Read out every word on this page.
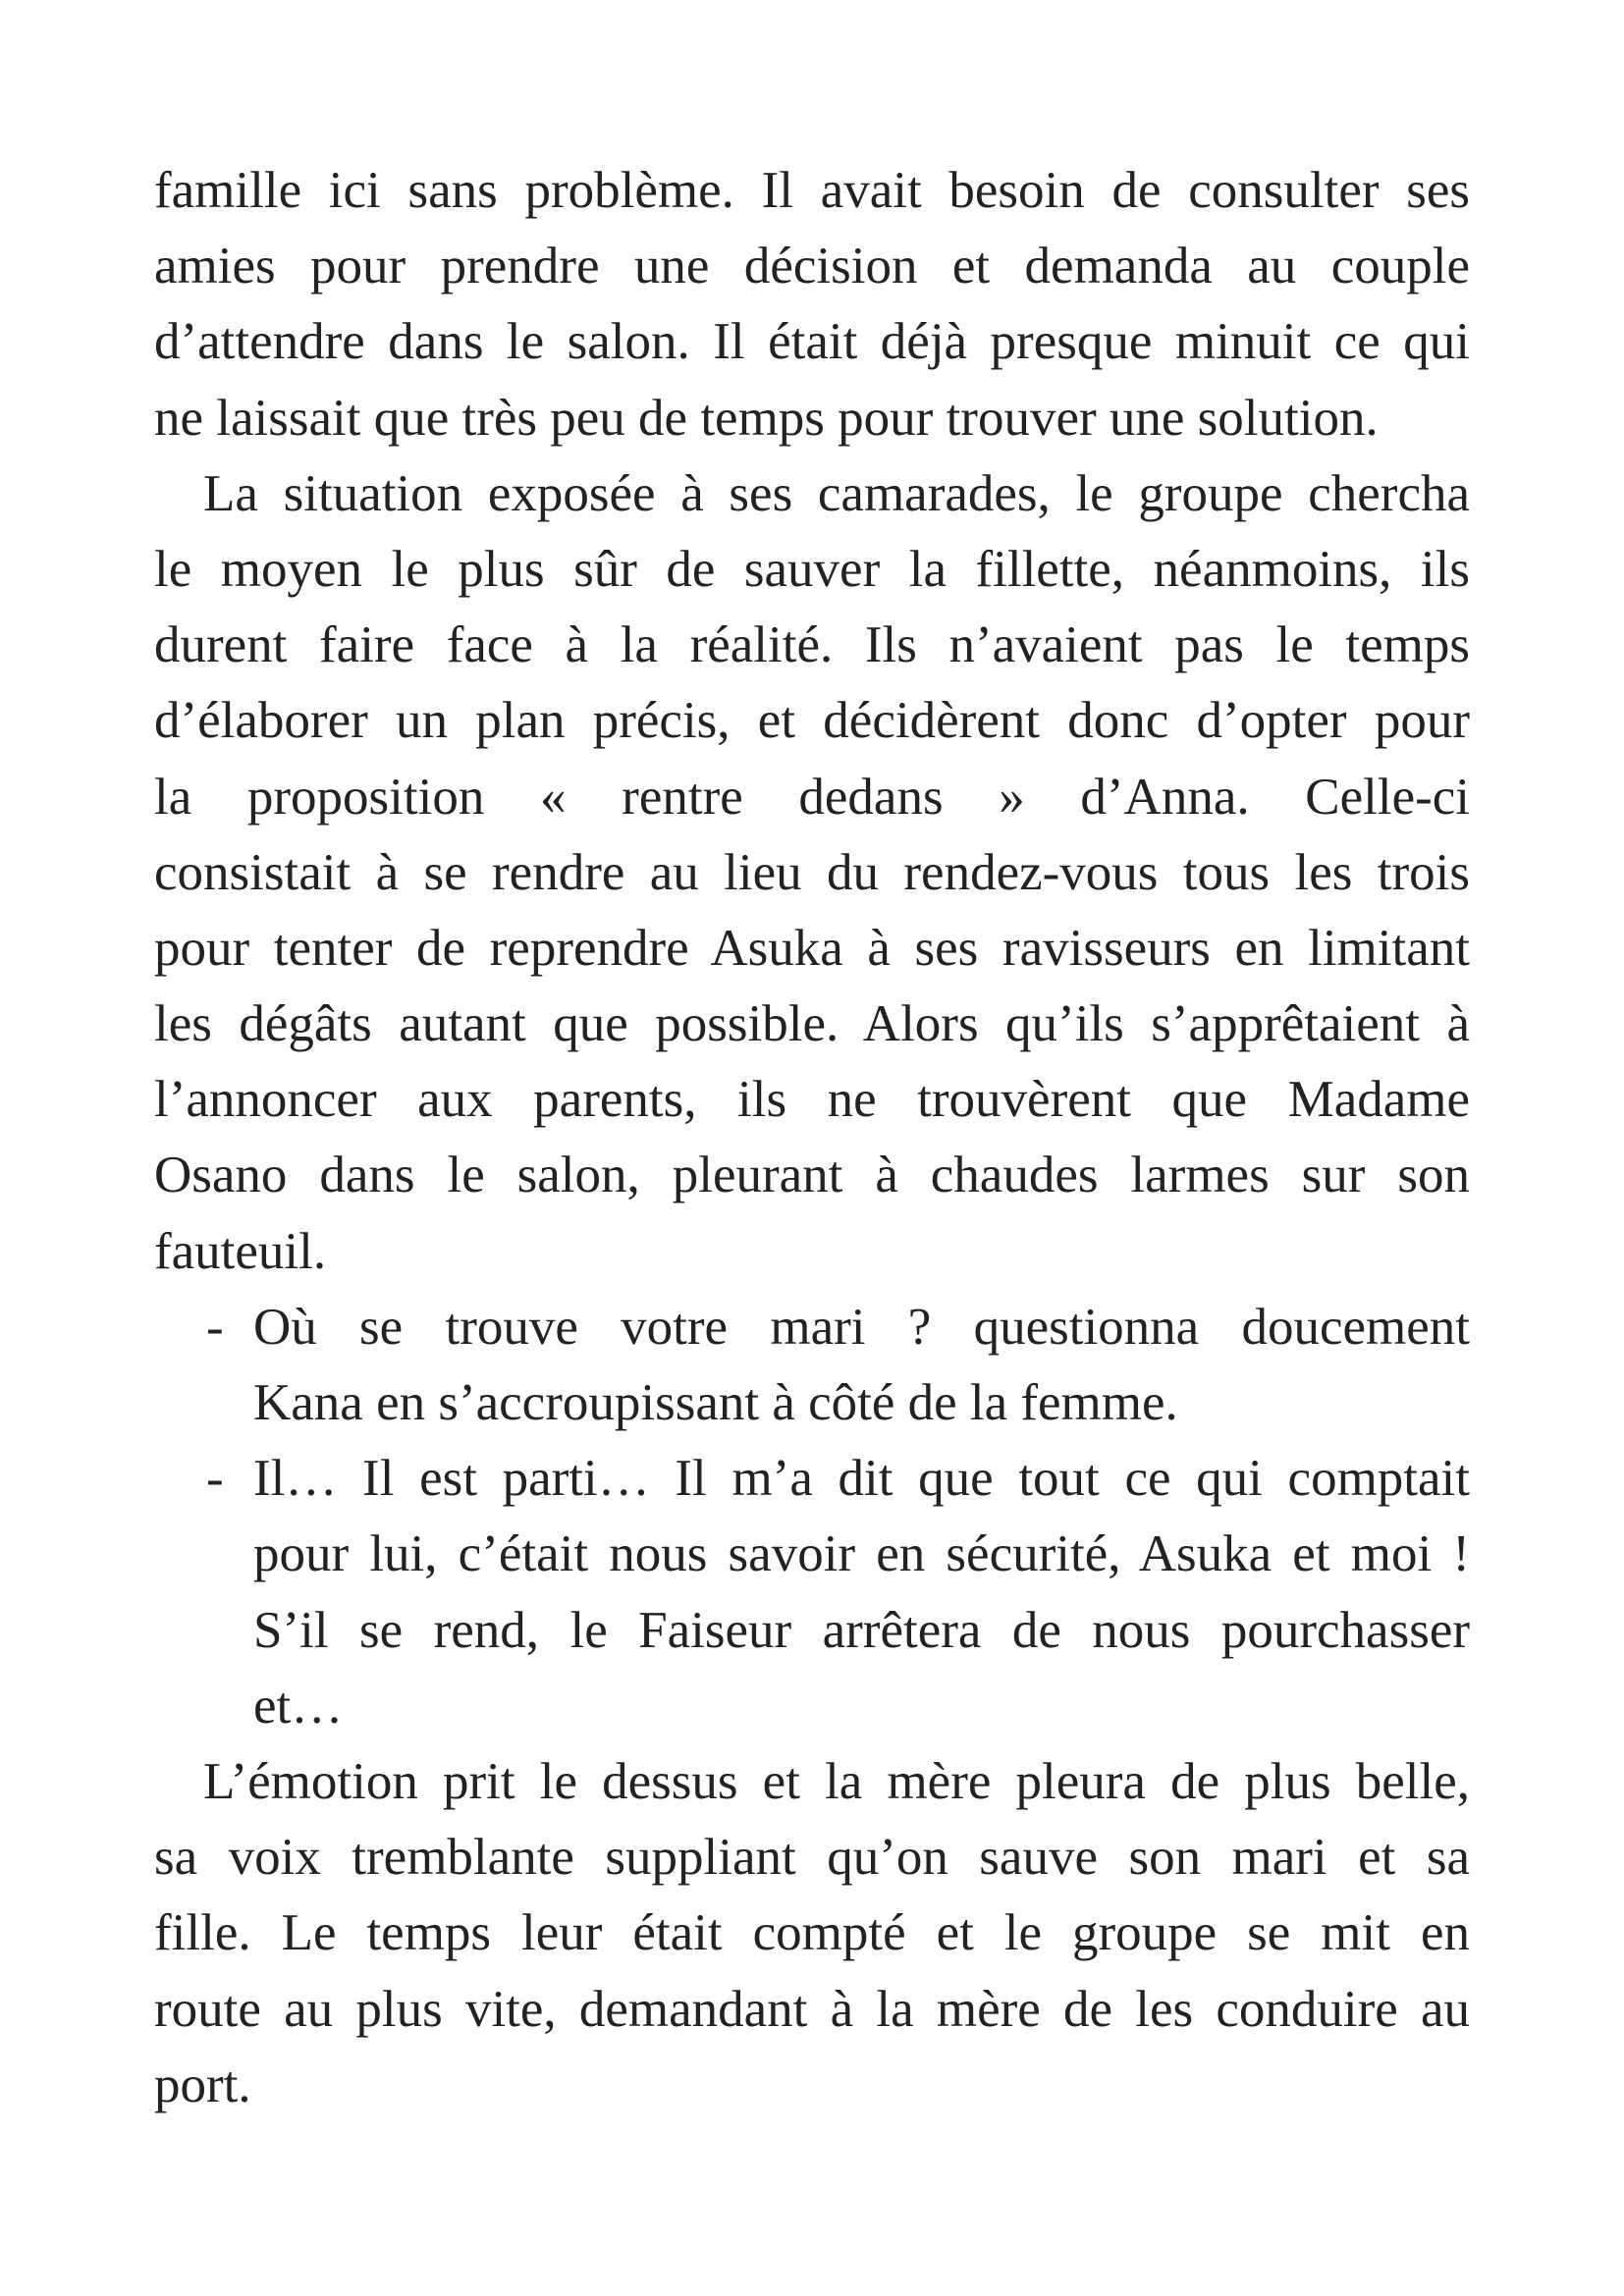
famille ici sans problème. Il avait besoin de consulter ses
amies pour prendre une décision et demanda au couple
d’attendre dans le salon. Il était déjà presque minuit ce qui
ne laissait que très peu de temps pour trouver une solution.
La situation exposée à ses camarades, le groupe chercha
le moyen le plus sûr de sauver la fillette, néanmoins, ils
durent faire face à la réalité. Ils n’avaient pas le temps
d’élaborer un plan précis, et décidèrent donc d’opter pour
la proposition « rentre dedans » d’Anna. Celle-ci
consistait à se rendre au lieu du rendez-vous tous les trois
pour tenter de reprendre Asuka à ses ravisseurs en limitant
les dégâts autant que possible. Alors qu’ils s’apprêtaient à
l’annoncer aux parents, ils ne trouvèrent que Madame
Osano dans le salon, pleurant à chaudes larmes sur son
fauteuil.
- Où se trouve votre mari ? questionna doucement
Kana en s’accroupissant à côté de la femme.
- Il… Il est parti… Il m’a dit que tout ce qui comptait
pour lui, c’était nous savoir en sécurité, Asuka et moi !
S’il se rend, le Faiseur arrêtera de nous pourchasser
et…
L’émotion prit le dessus et la mère pleura de plus belle,
sa voix tremblante suppliant qu’on sauve son mari et sa
fille. Le temps leur était compté et le groupe se mit en
route au plus vite, demandant à la mère de les conduire au
port.
